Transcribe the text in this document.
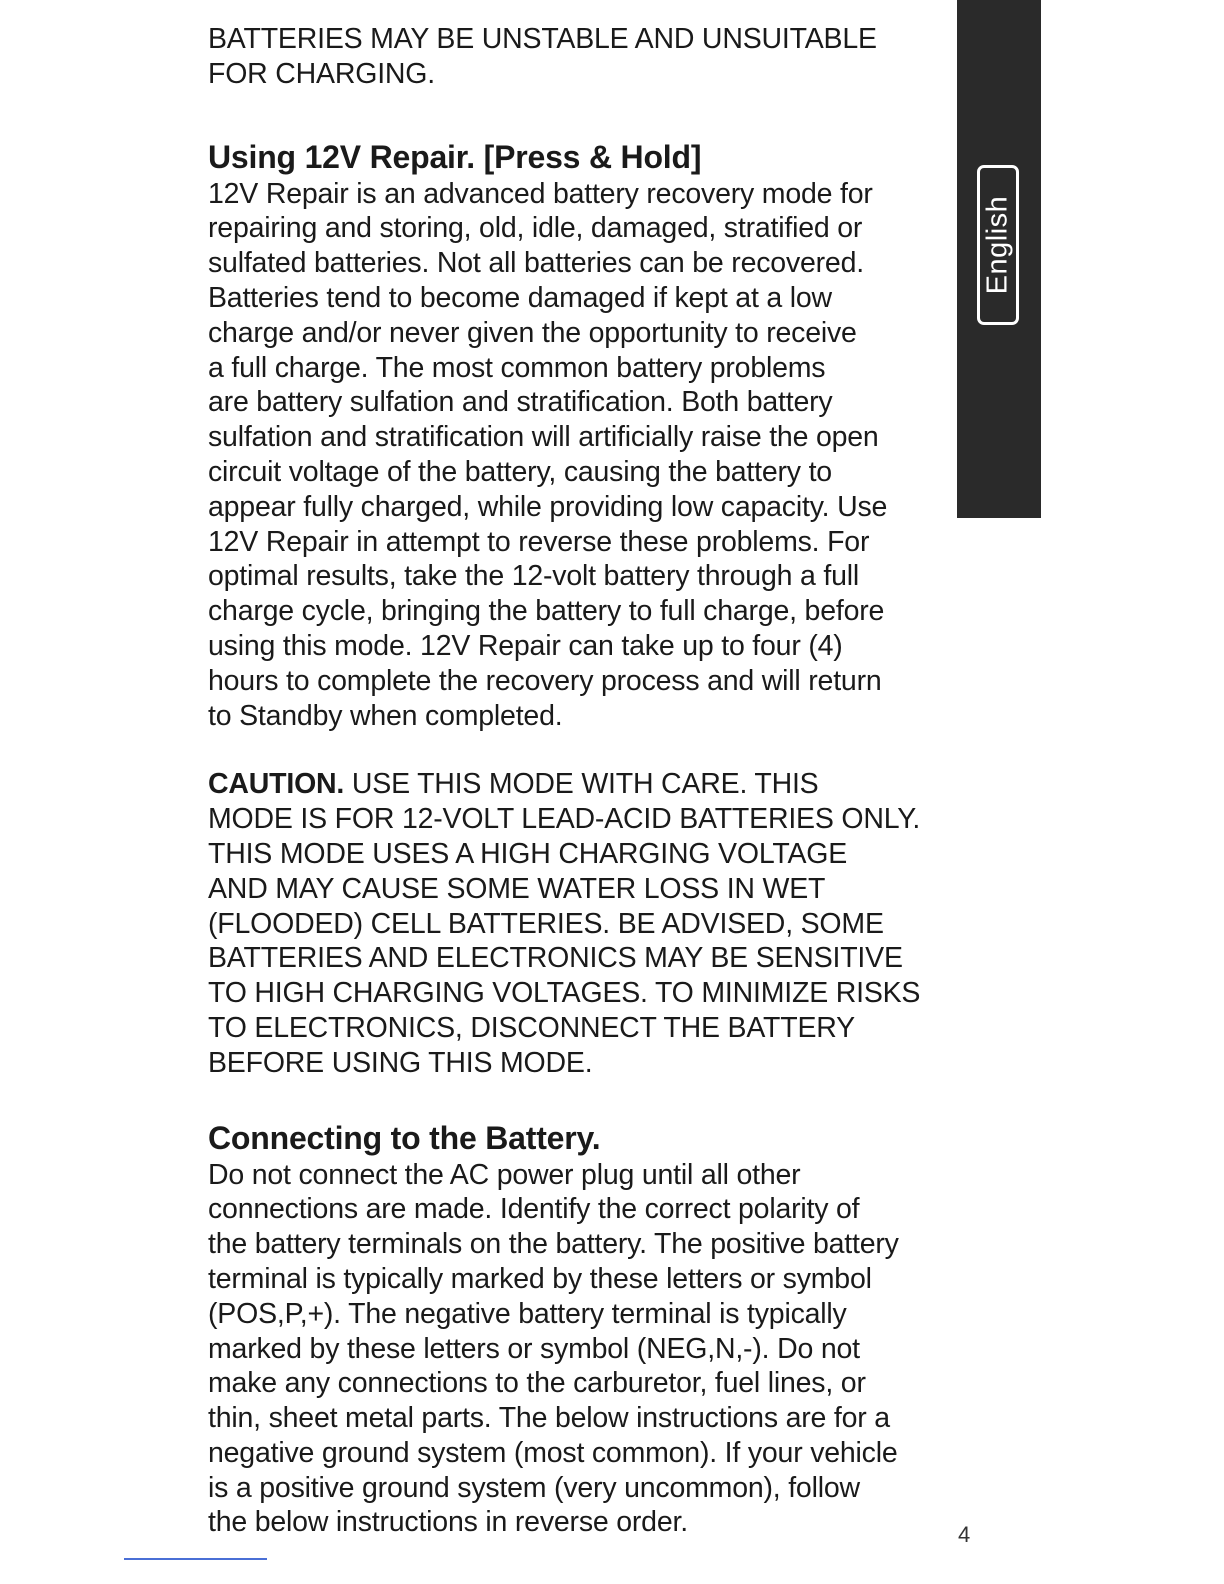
BATTERIES MAY BE UNSTABLE AND UNSUITABLE
FOR CHARGING.

Using 12V Repair. [Press & Hold]

12V Repair is an advanced battery recovery mode for
repairing and storing, old, idle, damaged, stratified or
sulfated batteries. Not all batteries can be recovered.
Batteries tend to become damaged if kept at a low
charge and/or never given the opportunity to receive
a full charge. The most common battery problems
are battery sulfation and stratification. Both battery
sulfation and stratification will artificially raise the open
circuit voltage of the battery, causing the battery to
appear fully charged, while providing low capacity. Use
12V Repair in attempt to reverse these problems. For
optimal results, take the 12-volt battery through a full
charge cycle, bringing the battery to full charge, before
using this mode. 12V Repair can take up to four (4)
hours to complete the recovery process and will return
to Standby when completed.

CAUTION. USE THIS MODE WITH CARE. THIS
MODE IS FOR 12-VOLT LEAD-ACID BATTERIES ONLY.
THIS MODE USES A HIGH CHARGING VOLTAGE
AND MAY CAUSE SOME WATER LOSS IN WET
(FLOODED) CELL BATTERIES. BE ADVISED, SOME
BATTERIES AND ELECTRONICS MAY BE SENSITIVE
TO HIGH CHARGING VOLTAGES. TO MINIMIZE RISKS
TO ELECTRONICS, DISCONNECT THE BATTERY
BEFORE USING THIS MODE.

Connecting to the Battery.

Do not connect the AC power plug until all other
connections are made. Identify the correct polarity of
the battery terminals on the battery. The positive battery
terminal is typically marked by these letters or symbol
(POS,P,+). The negative battery terminal is typically
marked by these letters or symbol (NEG,N,-). Do not
make any connections to the carburetor, fuel lines, or
thin, sheet metal parts. The below instructions are for a
negative ground system (most common). If your vehicle
is a positive ground system (very uncommon), follow
the below instructions in reverse order.

English
4
